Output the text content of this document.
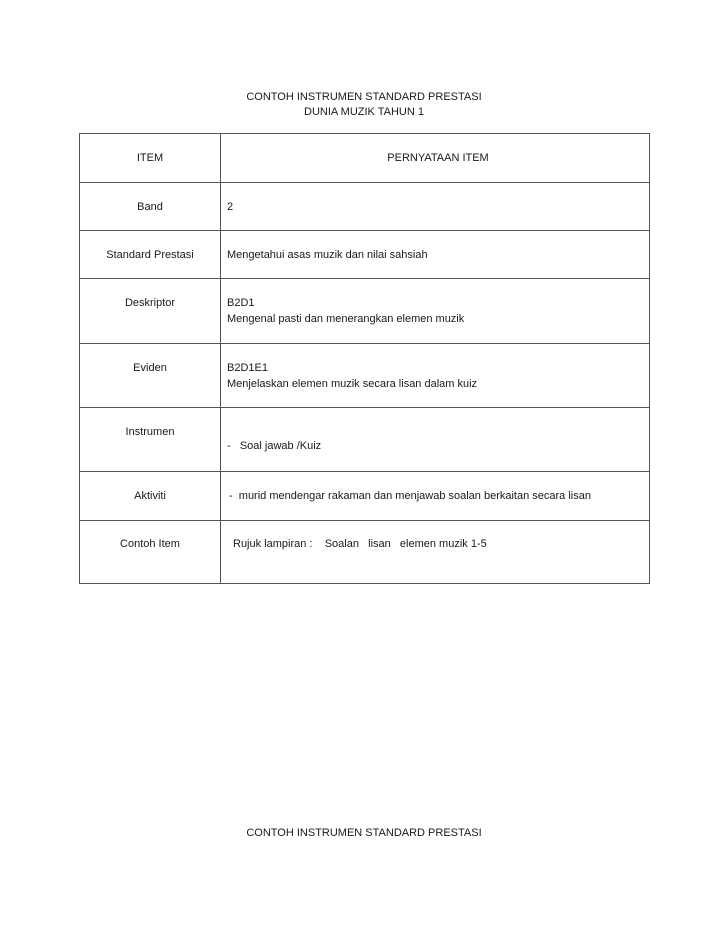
CONTOH INSTRUMEN STANDARD PRESTASI
DUNIA MUZIK TAHUN 1
ITEM	PERNYATAAN ITEM
Band	2
Standard Prestasi	Mengetahui asas muzik dan nilai sahsiah
Deskriptor	B2D1
Mengenal pasti dan menerangkan elemen muzik

Eviden	B2D1E1
Menjelaskan elemen muzik secara lisan dalam kuiz

Instrumen	- Soal jawab /Kuiz
Aktiviti	-  murid mendengar rakaman dan menjawab soalan berkaitan secara lisan
Contoh Item	Rujuk lampiran :    Soalan   lisan   elemen muzik 1-5
CONTOH INSTRUMEN STANDARD PRESTASI
